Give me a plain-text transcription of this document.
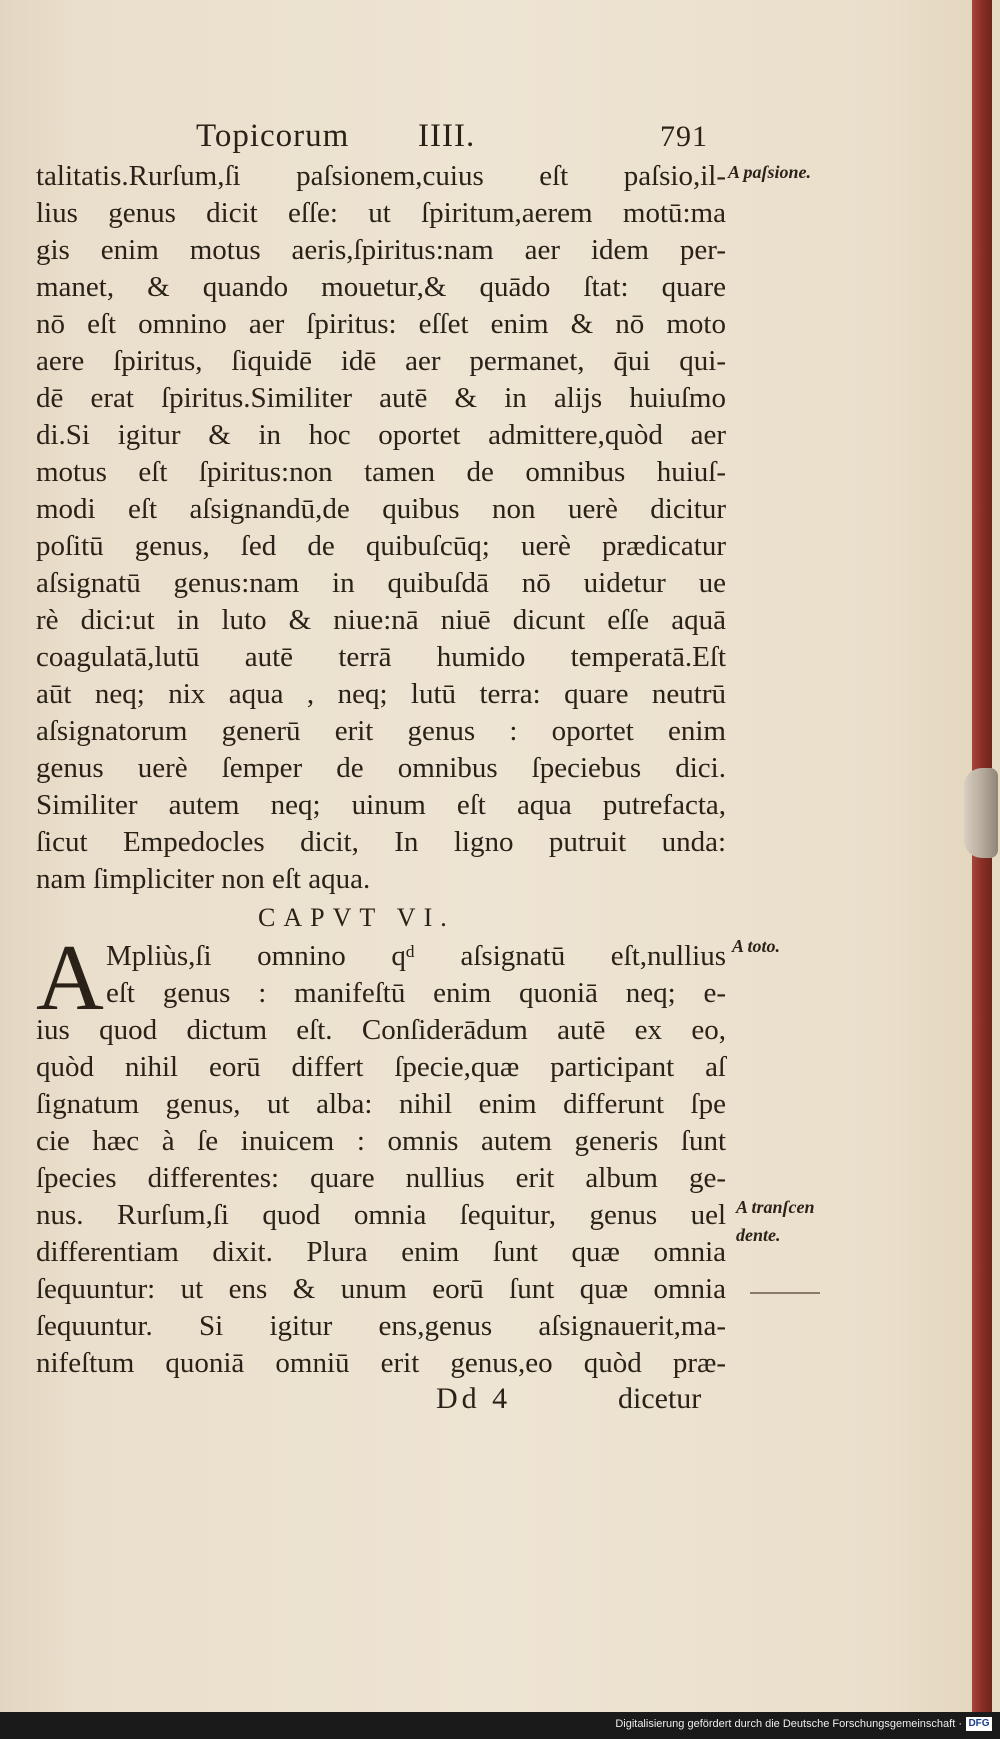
Topicorum IIII.	791
talitatis.Rurſum,ſi paſsionem,cuius eſt paſsio,il-
lius genus dicit eſſe: ut ſpiritum,aerem motū:ma
gis enim motus aeris,ſpiritus:nam aer idem per-
manet, & quando mouetur,& quādo ſtat: quare
nō eſt omnino aer ſpiritus: eſſet enim & nō moto
aere ſpiritus, ſiquidē idē aer permanet, q̄ui qui-
dē erat ſpiritus.Similiter autē & in alijs huiuſmo
di.Si igitur & in hoc oportet admittere,quòd aer
motus eſt ſpiritus:non tamen de omnibus huiuſ-
modi eſt aſsignandū,de quibus non uerè dicitur
poſitū genus, ſed de quibuſcūq; uerè prædicatur
aſsignatū genus:nam in quibuſdā nō uidetur ue
rè dici:ut in luto & niue:nā niuē dicunt eſſe aquā
coagulatā,lutū autē terrā humido temperatā.Eſt
aūt neq; nix aqua , neq; lutū terra: quare neutrū
aſsignatorum generū erit genus : oportet enim
genus uerè ſemper de omnibus ſpeciebus dici.
Similiter autem neq; uinum eſt aqua putrefacta,
ſicut Empedocles dicit, In ligno putruit unda:
nam ſimpliciter non eſt aqua.
CAPVT VI.
A Mpliùs,ſi omnino qᵈ aſsignatū eſt,nullius
eſt genus : manifeſtū enim quoniā neq; e-
ius quod dictum eſt. Conſiderādum autē ex eo,
quòd nihil eorū differt ſpecie,quæ participant aſ
ſignatum genus, ut alba: nihil enim differunt ſpe
cie hæc à ſe inuicem : omnis autem generis ſunt
ſpecies differentes: quare nullius erit album ge-
nus. Rurſum,ſi quod omnia ſequitur, genus uel
differentiam dixit. Plura enim ſunt quæ omnia
ſequuntur: ut ens & unum eorū ſunt quæ omnia
ſequuntur. Si igitur ens,genus aſsignauerit,ma-
nifeſtum quoniā omniū erit genus,eo quòd præ-
Dd 4	dicetur
A paſsione.
A toto.
A tranſcen
dente.
Digitalisierung gefördert durch die Deutsche Forschungsgemeinschaft · DFG
